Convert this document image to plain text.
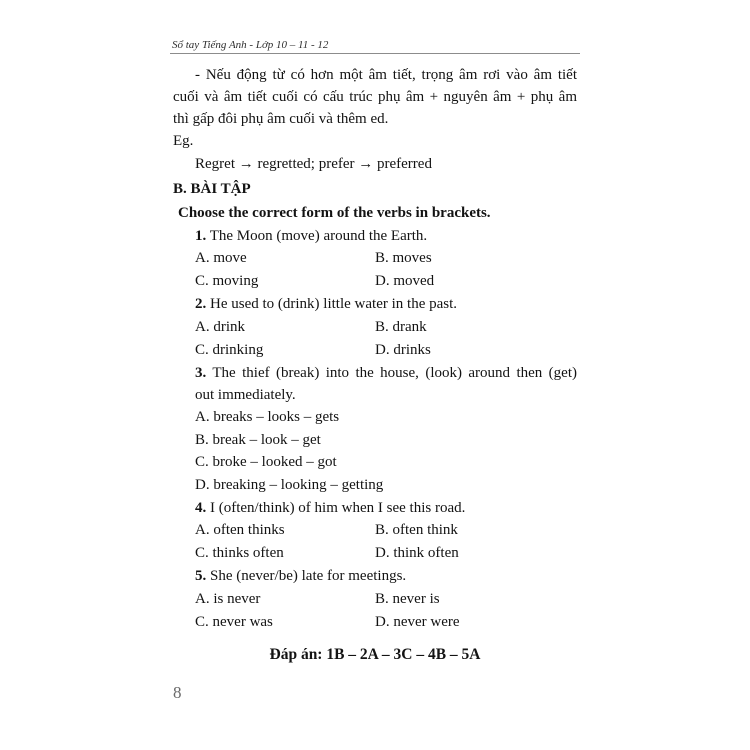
Sổ tay Tiếng Anh - Lớp 10 – 11 - 12
- Nếu động từ có hơn một âm tiết, trọng âm rơi vào âm tiết
cuối và âm tiết cuối có cấu trúc phụ âm + nguyên âm + phụ âm
thì gấp đôi phụ âm cuối và thêm ed.
Eg.
Regret → regretted; prefer → preferred
B. BÀI TẬP
Choose the correct form of the verbs in brackets.
1. The Moon (move) around the Earth.
A. move	B. moves
C. moving	D. moved
2. He used to (drink) little water in the past.
A. drink	B. drank
C. drinking	D. drinks
3. The thief (break) into the house, (look) around then (get)
out immediately.
A. breaks – looks – gets
B. break – look – get
C. broke – looked – got
D. breaking – looking – getting
4. I (often/think) of him when I see this road.
A. often thinks	B. often think
C. thinks often	D. think often
5. She (never/be) late for meetings.
A. is never	B. never is
C. never was	D. never were
Đáp án: 1B – 2A – 3C – 4B – 5A
8
